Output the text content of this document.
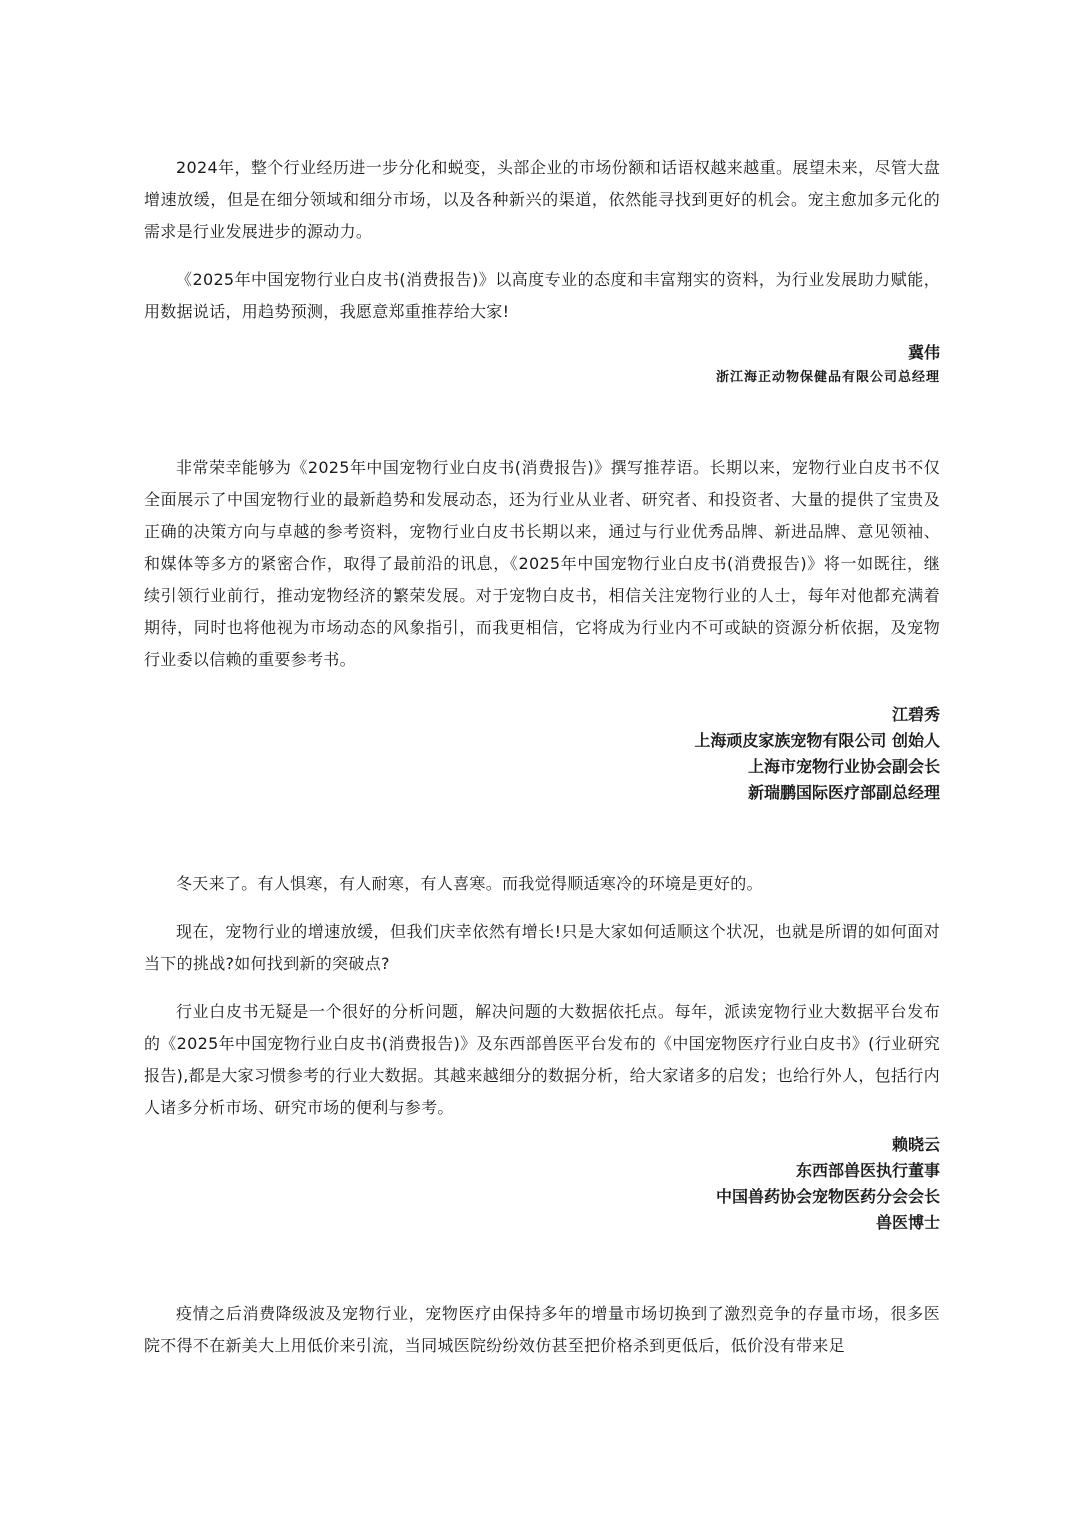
2024年，整个行业经历进一步分化和蜕变，头部企业的市场份额和话语权越来越重。展望未来，尽管大盘增速放缓，但是在细分领域和细分市场，以及各种新兴的渠道，依然能寻找到更好的机会。宠主愈加多元化的需求是行业发展进步的源动力。

《2025年中国宠物行业白皮书(消费报告)》以高度专业的态度和丰富翔实的资料，为行业发展助力赋能，用数据说话，用趋势预测，我愿意郑重推荐给大家!

冀伟
浙江海正动物保健品有限公司总经理

非常荣幸能够为《2025年中国宠物行业白皮书(消费报告)》撰写推荐语。长期以来，宠物行业白皮书不仅全面展示了中国宠物行业的最新趋势和发展动态，还为行业从业者、研究者、和投资者、大量的提供了宝贵及正确的决策方向与卓越的参考资料，宠物行业白皮书长期以来，通过与行业优秀品牌、新进品牌、意见领袖、和媒体等多方的紧密合作，取得了最前沿的讯息，《2025年中国宠物行业白皮书(消费报告)》将一如既往，继续引领行业前行，推动宠物经济的繁荣发展。对于宠物白皮书，相信关注宠物行业的人士，每年对他都充满着期待，同时也将他视为市场动态的风象指引，而我更相信，它将成为行业内不可或缺的资源分析依据，及宠物行业委以信赖的重要参考书。

江碧秀
上海顽皮家族宠物有限公司 创始人
上海市宠物行业协会副会长
新瑞鹏国际医疗部副总经理

冬天来了。有人惧寒，有人耐寒，有人喜寒。而我觉得顺适寒冷的环境是更好的。

现在，宠物行业的增速放缓，但我们庆幸依然有增长!只是大家如何适顺这个状况，也就是所谓的如何面对当下的挑战?如何找到新的突破点?

行业白皮书无疑是一个很好的分析问题，解决问题的大数据依托点。每年，派读宠物行业大数据平台发布的《2025年中国宠物行业白皮书(消费报告)》及东西部兽医平台发布的《中国宠物医疗行业白皮书》(行业研究报告),都是大家习惯参考的行业大数据。其越来越细分的数据分析，给大家诸多的启发；也给行外人，包括行内人诸多分析市场、研究市场的便利与参考。

赖晓云
东西部兽医执行董事
中国兽药协会宠物医药分会会长
兽医博士

疫情之后消费降级波及宠物行业，宠物医疗由保持多年的增量市场切换到了激烈竞争的存量市场，很多医院不得不在新美大上用低价来引流，当同城医院纷纷效仿甚至把价格杀到更低后，低价没有带来足
